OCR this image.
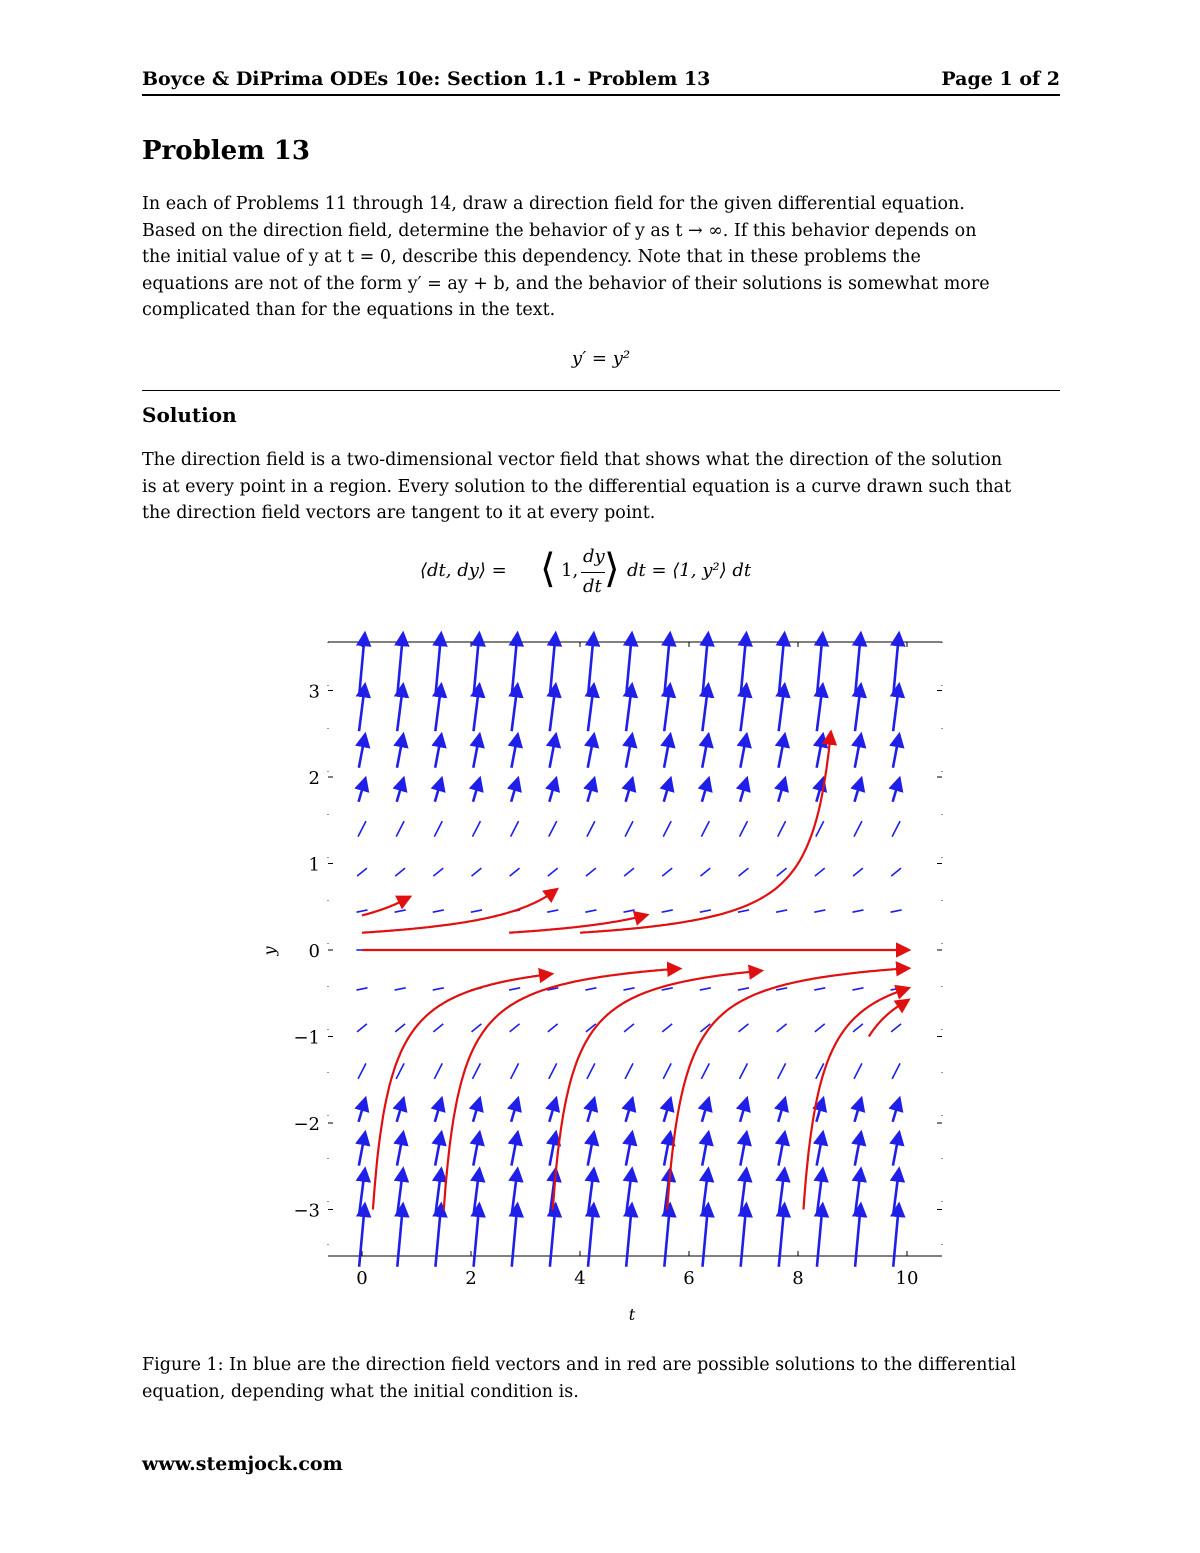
Boyce & DiPrima ODEs 10e: Section 1.1 - Problem 13	Page 1 of 2
Problem 13
In each of Problems 11 through 14, draw a direction field for the given differential equation.
Based on the direction field, determine the behavior of y as t → ∞. If this behavior depends on
the initial value of y at t = 0, describe this dependency. Note that in these problems the
equations are not of the form y′ = ay + b, and the behavior of their solutions is somewhat more
complicated than for the equations in the text.
y′ = y²
Solution
The direction field is a two-dimensional vector field that shows what the direction of the solution
is at every point in a region. Every solution to the differential equation is a curve drawn such that
the direction field vectors are tangent to it at every point.
⟨dt, dy⟩ = ⟨ 1,
dy
dt ⟩ dt = ⟨1, y²⟩ dt
3
2
1
0
−1
−2
−3
0	2	4	6	8	10
t
y
Figure 1: In blue are the direction field vectors and in red are possible solutions to the differential
equation, depending what the initial condition is.
www.stemjock.com
